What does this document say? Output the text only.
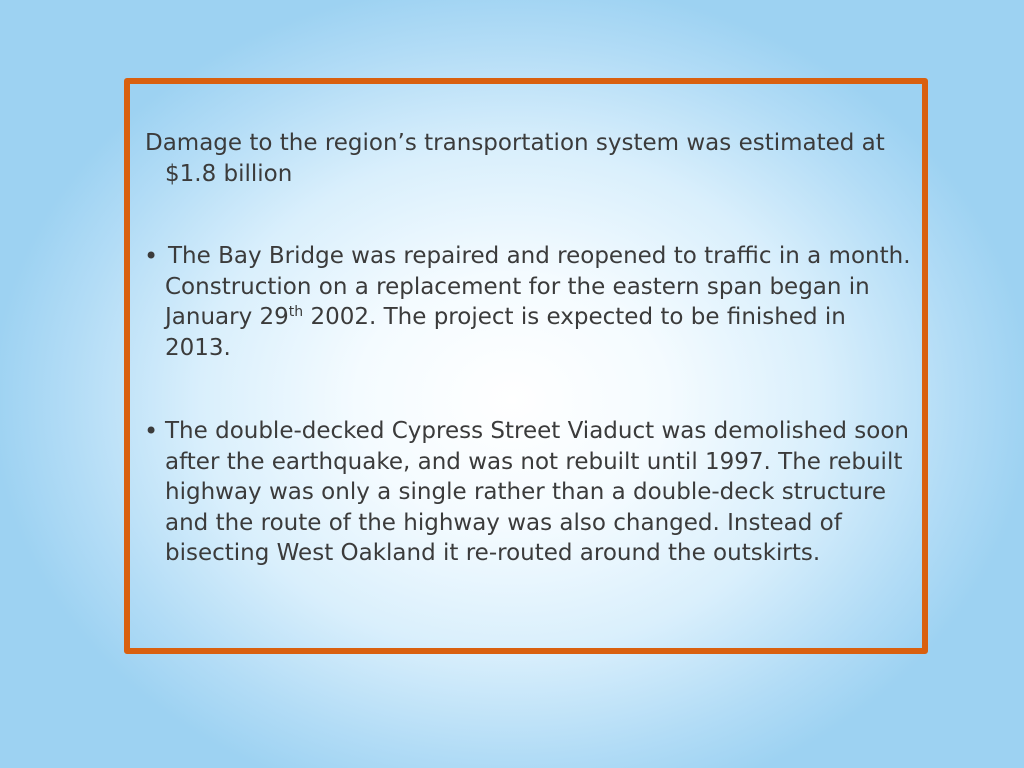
Damage to the region’s transportation system was estimated at $1.8 billion

• The Bay Bridge was repaired and reopened to traffic in a month. Construction on a replacement for the eastern span began in January 29th 2002. The project is expected to be finished in 2013.

• The double-decked Cypress Street Viaduct was demolished soon after the earthquake, and was not rebuilt until 1997. The rebuilt highway was only a single rather than a double-deck structure and the route of the highway was also changed. Instead of bisecting West Oakland it re-routed around the outskirts.
